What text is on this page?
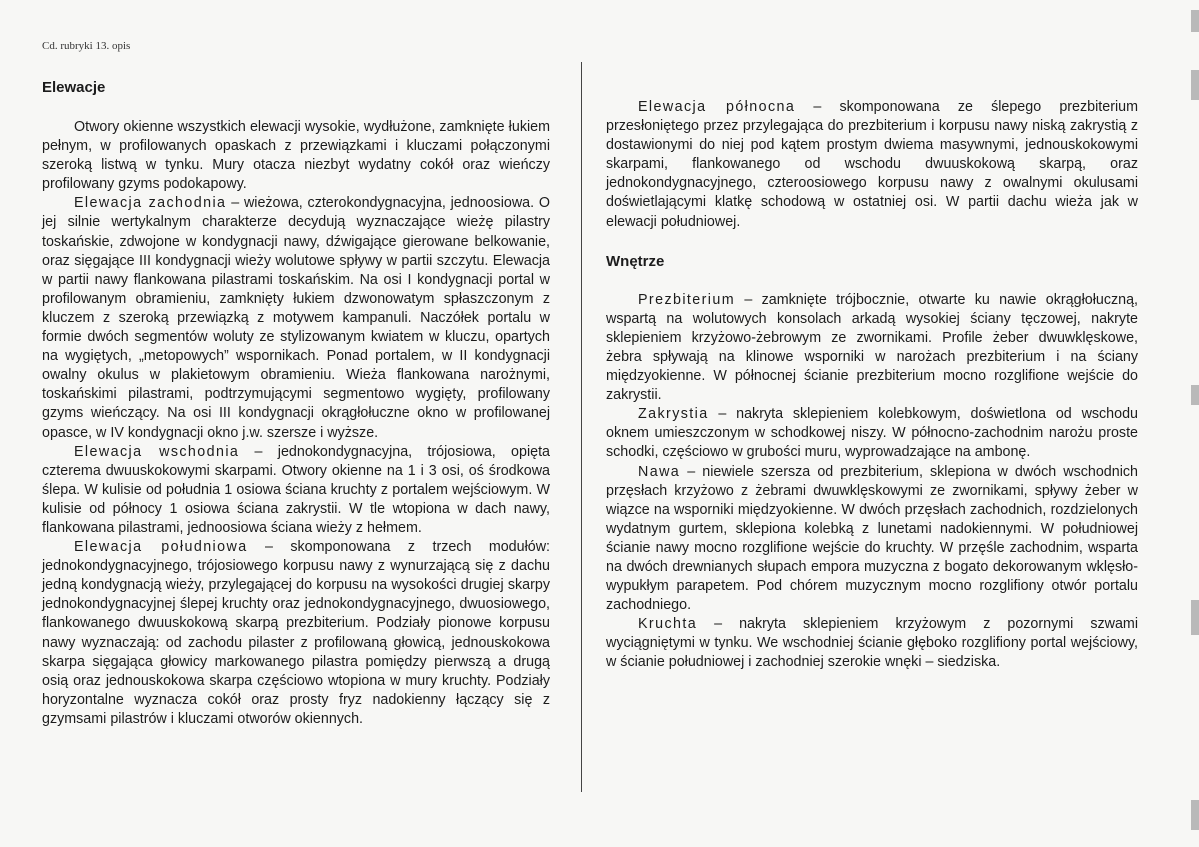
Cd. rubryki 13. opis
Elewacje

Otwory okienne wszystkich elewacji wysokie, wydłużone, zamknięte łukiem pełnym, w profilowanych opaskach z przewiązkami i kluczami połączonymi szeroką listwą w tynku. Mury otacza niezbyt wydatny cokół oraz wieńczy profilowany gzyms podokapowy.

Elewacja zachodnia – wieżowa, czterokondygnacyjna, jednoosiowa. O jej silnie wertykalnym charakterze decydują wyznaczające wieżę pilastry toskańskie, zdwojone w kondygnacji nawy, dźwigające gierowane belkowanie, oraz sięgające III kondygnacji wieży wolutowe spływy w partii szczytu. Elewacja w partii nawy flankowana pilastrami toskańskim. Na osi I kondygnacji portal w profilowanym obramieniu, zamknięty łukiem dzwonowatym spłaszczonym z kluczem z szeroką przewiązką z motywem kampanuli. Naczółek portalu w formie dwóch segmentów woluty ze stylizowanym kwiatem w kluczu, opartych na wygiętych, „metopowych” wspornikach. Ponad portalem, w II kondygnacji owalny okulus w plakietowym obramieniu. Wieża flankowana narożnymi, toskańskimi pilastrami, podtrzymującymi segmentowo wygięty, profilowany gzyms wieńczący. Na osi III kondygnacji okrągłołuczne okno w profilowanej opasce, w IV kondygnacji okno j.w. szersze i wyższe.

Elewacja wschodnia – jednokondygnacyjna, trójosiowa, opięta czterema dwuuskokowymi skarpami. Otwory okienne na 1 i 3 osi, oś środkowa ślepa. W kulisie od południa 1 osiowa ściana kruchty z portalem wejściowym. W kulisie od północy 1 osiowa ściana zakrystii. W tle wtopiona w dach nawy, flankowana pilastrami, jednoosiowa ściana wieży z hełmem.

Elewacja południowa – skomponowana z trzech modułów: jednokondygnacyjnego, trójosiowego korpusu nawy z wynurzającą się z dachu jedną kondygnacją wieży, przylegającej do korpusu na wysokości drugiej skarpy jednokondygnacyjnej ślepej kruchty oraz jednokondygnacyjnego, dwuosiowego, flankowanego dwuuskokową skarpą prezbiterium. Podziały pionowe korpusu nawy wyznaczają: od zachodu pilaster z profilowaną głowicą, jednouskokowa skarpa sięgająca głowicy markowanego pilastra pomiędzy pierwszą a drugą osią oraz jednouskokowa skarpa częściowo wtopiona w mury kruchty. Podziały horyzontalne wyznacza cokół oraz prosty fryz nadokienny łączący się z gzymsami pilastrów i kluczami otworów okiennych.

Elewacja północna – skomponowana ze ślepego prezbiterium przesłoniętego przez przylegająca do prezbiterium i korpusu nawy niską zakrystią z dostawionymi do niej pod kątem prostym dwiema masywnymi, jednouskokowymi skarpami, flankowanego od wschodu dwuuskokową skarpą, oraz jednokondygnacyjnego, czteroosiowego korpusu nawy z owalnymi okulusami doświetlającymi klatkę schodową w ostatniej osi. W partii dachu wieża jak w elewacji południowej.

Wnętrze

Prezbiterium – zamknięte trójbocznie, otwarte ku nawie okrągłołuczną, wspartą na wolutowych konsolach arkadą wysokiej ściany tęczowej, nakryte sklepieniem krzyżowo-żebrowym ze zwornikami. Profile żeber dwuwklęskowe, żebra spływają na klinowe wsporniki w narożach prezbiterium i na ściany międzyokienne. W północnej ścianie prezbiterium mocno rozglifione wejście do zakrystii.

Zakrystia – nakryta sklepieniem kolebkowym, doświetlona od wschodu oknem umieszczonym w schodkowej niszy. W północno-zachodnim narożu proste schodki, częściowo w grubości muru, wyprowadzające na ambonę.

Nawa – niewiele szersza od prezbiterium, sklepiona w dwóch wschodnich przęsłach krzyżowo z żebrami dwuwklęskowymi ze zwornikami, spływy żeber w wiązce na wsporniki międzyokienne. W dwóch przęsłach zachodnich, rozdzielonych wydatnym gurtem, sklepiona kolebką z lunetami nadokiennymi. W południowej ścianie nawy mocno rozglifione wejście do kruchty. W przęśle zachodnim, wsparta na dwóch drewnianych słupach empora muzyczna z bogato dekorowanym wklęsło-wypukłym parapetem. Pod chórem muzycznym mocno rozglifiony otwór portalu zachodniego.

Kruchta – nakryta sklepieniem krzyżowym z pozornymi szwami wyciągniętymi w tynku. We wschodniej ścianie głęboko rozglifiony portal wejściowy, w ścianie południowej i zachodniej szerokie wnęki – siedziska.
